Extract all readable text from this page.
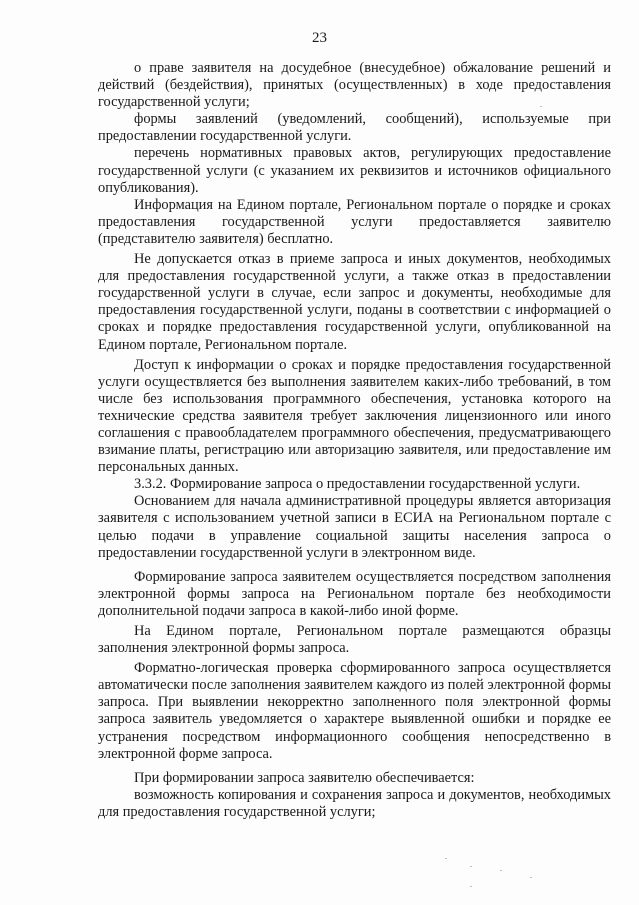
23

о праве заявителя на досудебное (внесудебное) обжалование решений и действий (бездействия), принятых (осуществленных) в ходе предоставления государственной услуги;

формы заявлений (уведомлений, сообщений), используемые при предоставлении государственной услуги.

перечень нормативных правовых актов, регулирующих предоставление государственной услуги (с указанием их реквизитов и источников официального опубликования).

Информация на Едином портале, Региональном портале о порядке и сроках предоставления государственной услуги предоставляется заявителю (представителю заявителя) бесплатно.

Не допускается отказ в приеме запроса и иных документов, необходимых для предоставления государственной услуги, а также отказ в предоставлении государственной услуги в случае, если запрос и документы, необходимые для предоставления государственной услуги, поданы в соответствии с информацией о сроках и порядке предоставления государственной услуги, опубликованной на Едином портале, Региональном портале.

Доступ к информации о сроках и порядке предоставления государственной услуги осуществляется без выполнения заявителем каких-либо требований, в том числе без использования программного обеспечения, установка которого на технические средства заявителя требует заключения лицензионного или иного соглашения с правообладателем программного обеспечения, предусматривающего взимание платы, регистрацию или авторизацию заявителя, или предоставление им персональных данных.

3.3.2. Формирование запроса о предоставлении государственной услуги.

Основанием для начала административной процедуры является авторизация заявителя с использованием учетной записи в ЕСИА на Региональном портале с целью подачи в управление социальной защиты населения запроса о предоставлении государственной услуги в электронном виде.

Формирование запроса заявителем осуществляется посредством заполнения электронной формы запроса на Региональном портале без необходимости дополнительной подачи запроса в какой-либо иной форме.

На Едином портале, Региональном портале размещаются образцы заполнения электронной формы запроса.

Форматно-логическая проверка сформированного запроса осуществляется автоматически после заполнения заявителем каждого из полей электронной формы запроса. При выявлении некорректно заполненного поля электронной формы запроса заявитель уведомляется о характере выявленной ошибки и порядке ее устранения посредством информационного сообщения непосредственно в электронной форме запроса.

При формировании запроса заявителю обеспечивается:

возможность копирования и сохранения запроса и документов, необходимых для предоставления государственной услуги;
